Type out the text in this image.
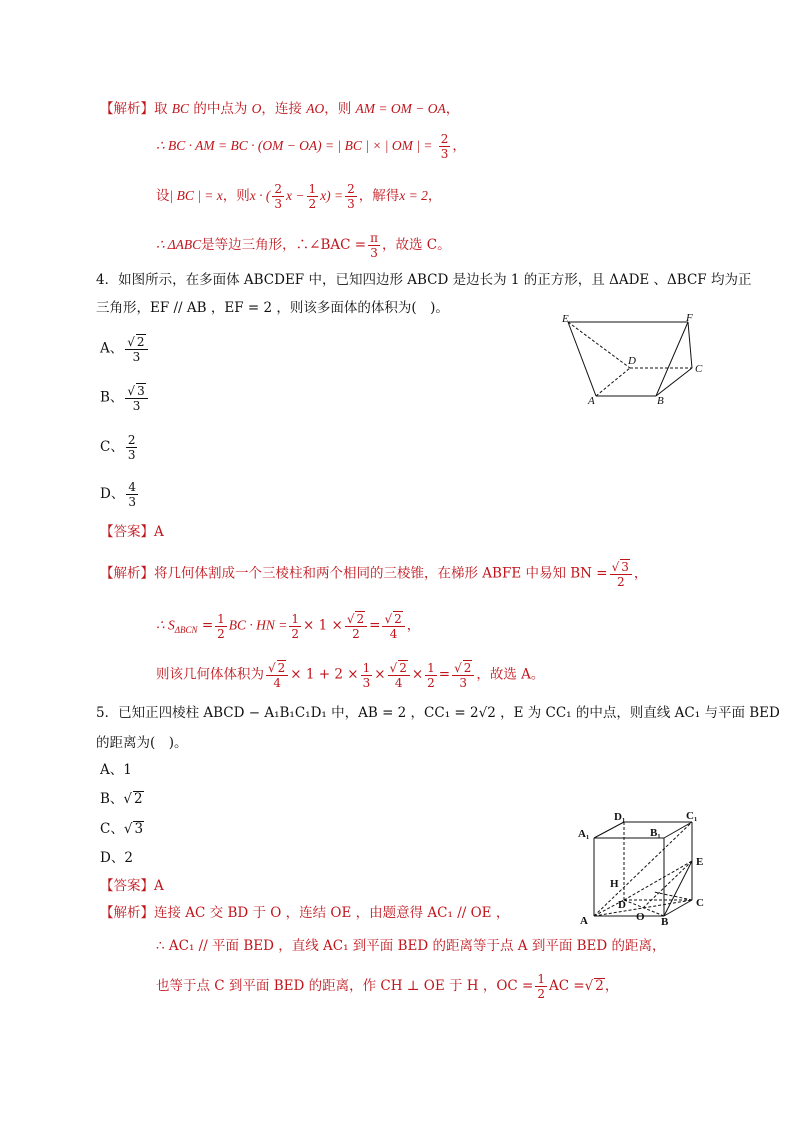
【解析】取 BC 的中点为 O，连接 AO，则 AM = OM − OA，
∴ BC · AM = BC · (OM − OA) = | BC | × | OM | = $\frac{2}{3}$ ，
设| BC | = x，则x · ( $\frac{2}{3}$ $x - \frac{1}{2} x) = \frac{2}{3}$ ，解得x = 2，
∴ ΔABC是等边三角形，∴∠BAC = $\frac{\pi}{3}$ ，故选 C。
4．如图所示，在多面体 ABCDEF 中，已知四边形 ABCD 是边长为 1 的正方形，且 ΔADE 、ΔBCF 均为正
三角形，EF // AB ，EF = 2 ，则该多面体的体积为(　)。
A、 $\frac{√ 2}{3}$
B、 $\frac{√ 3}{3}$
C、 $\frac{2}{3}$
D、 $\frac{4}{3}$
【答案】A
【解析】将几何体割成一个三棱柱和两个相同的三棱锥，在梯形 ABFE 中易知 BN = $\frac{√ 3}{2}$ ，
∴ $S_{\Delta BCN} = \frac{1}{2}$ BC · HN = $\frac{1}{2} \times 1 \times \frac{√ 2}{2} = \frac{√ 2}{4}$ ，
则该几何体体积为 $\frac{√ 2}{4} \times 1 + 2 \times \frac{1}{3} \times \frac{√ 2}{4} \times \frac{1}{2} = \frac{√ 2}{3}$ ，故选 A。
E	F
D
C
A	B
5．已知正四棱柱 ABCD − A₁B₁C₁D₁ 中，AB = 2 ，CC₁ = 2√2 ，E 为 CC₁ 的中点，则直线 AC₁ 与平面 BED
的距离为(　)。
A、1
B、√ 2
C、√ 3
D、2
【答案】A
【解析】连接 AC 交 BD 于 O ，连结 OE ，由题意得 AC₁ // OE ，
∴ AC₁ // 平面 BED ，直线 AC₁ 到平面 BED 的距离等于点 A 到平面 BED 的距离，
也等于点 C 到平面 BED 的距离，作 CH ⊥ OE 于 H ，OC = $\frac{1}{2}$ AC =√ 2，
D₁	C₁
A₁	B₁
E
H
D
O
C
A	B
